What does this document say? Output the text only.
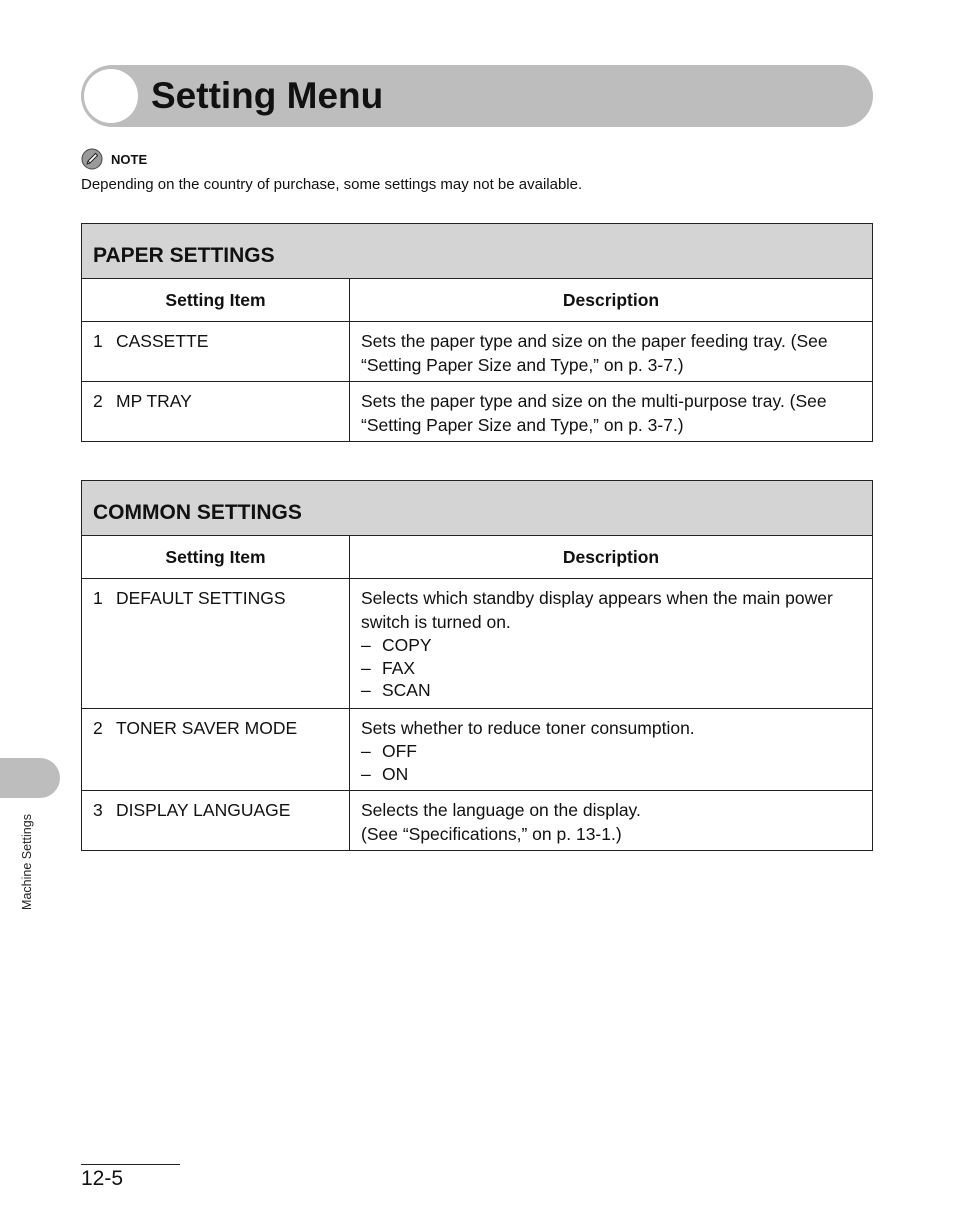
Setting Menu
NOTE

Depending on the country of purchase, some settings may not be available.

PAPER SETTINGS	
Setting Item	Description
1 CASSETTE	Sets the paper type and size on the paper feeding tray. (See “Setting Paper Size and Type,” on p. 3-7.)
2 MP TRAY	Sets the paper type and size on the multi-purpose tray. (See “Setting Paper Size and Type,” on p. 3-7.)
COMMON SETTINGS	
Setting Item	Description
1 DEFAULT SETTINGS	Selects which standby display appears when the main power switch is turned on.
– COPY
– FAX
– SCAN

2 TONER SAVER MODE	Sets whether to reduce toner consumption.
– OFF
– ON

3 DISPLAY LANGUAGE	Selects the language on the display.
(See “Specifications,” on p. 13-1.)
Machine Settings
12-5
